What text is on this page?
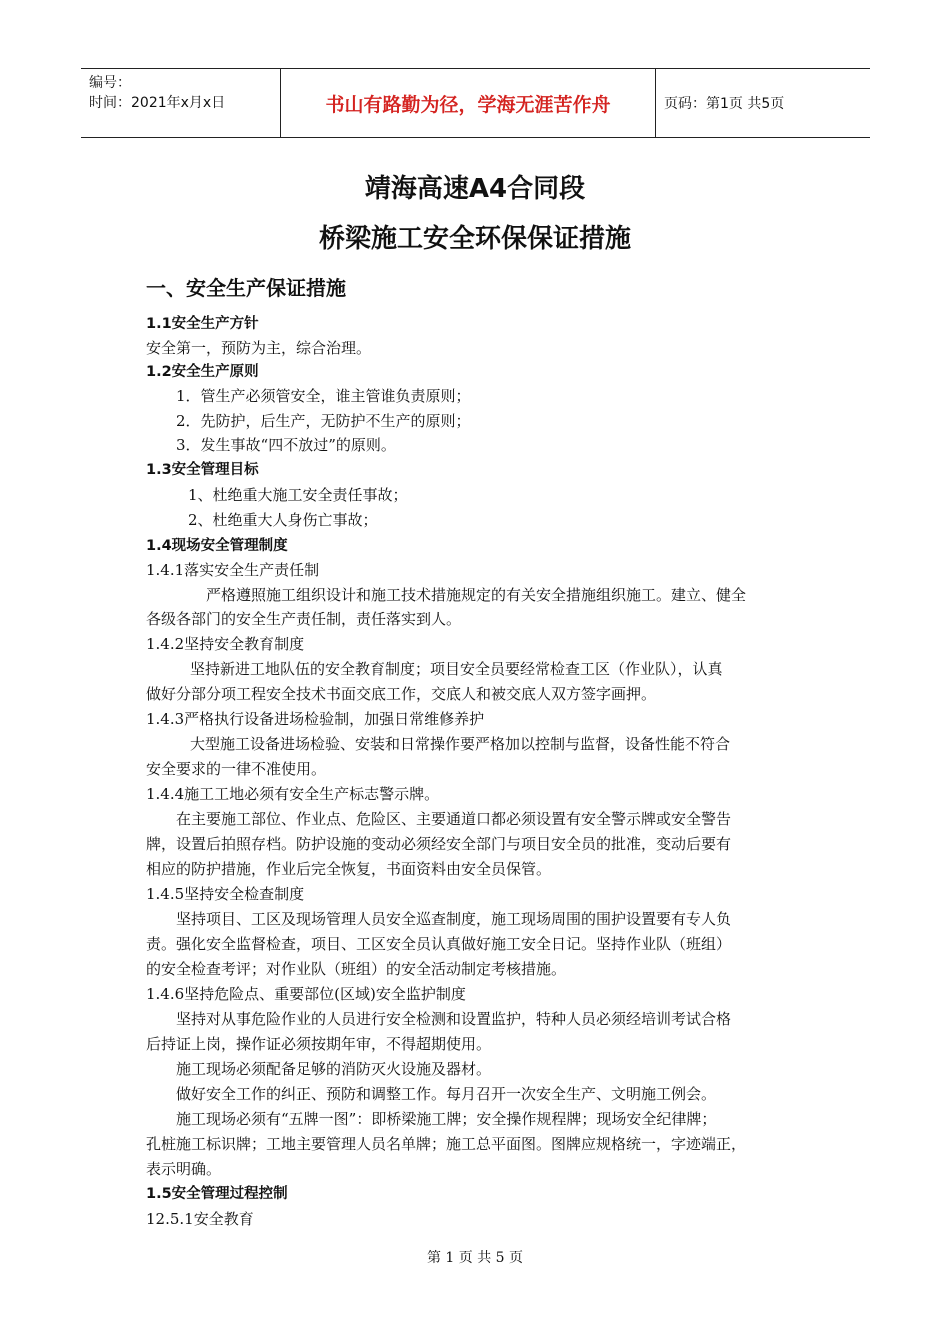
编号：
时间：2021年x月x日	书山有路勤为径，学海无涯苦作舟	页码：第1页 共5页
靖海高速A4合同段
桥梁施工安全环保保证措施
一、安全生产保证措施
1.1安全生产方针
安全第一，预防为主，综合治理。
1.2安全生产原则
1．管生产必须管安全，谁主管谁负责原则；
2．先防护，后生产，无防护不生产的原则；
3．发生事故“四不放过”的原则。
1.3安全管理目标
1、杜绝重大施工安全责任事故；
2、杜绝重大人身伤亡事故；
1.4现场安全管理制度
1.4.1落实安全生产责任制
严格遵照施工组织设计和施工技术措施规定的有关安全措施组织施工。建立、健全
各级各部门的安全生产责任制，责任落实到人。
1.4.2坚持安全教育制度
坚持新进工地队伍的安全教育制度；项目安全员要经常检查工区（作业队），认真
做好分部分项工程安全技术书面交底工作，交底人和被交底人双方签字画押。
1.4.3严格执行设备进场检验制，加强日常维修养护
大型施工设备进场检验、安装和日常操作要严格加以控制与监督，设备性能不符合
安全要求的一律不准使用。
1.4.4施工工地必须有安全生产标志警示牌。
在主要施工部位、作业点、危险区、主要通道口都必须设置有安全警示牌或安全警告
牌，设置后拍照存档。防护设施的变动必须经安全部门与项目安全员的批准，变动后要有
相应的防护措施，作业后完全恢复，书面资料由安全员保管。
1.4.5坚持安全检查制度
坚持项目、工区及现场管理人员安全巡查制度，施工现场周围的围护设置要有专人负
责。强化安全监督检查，项目、工区安全员认真做好施工安全日记。坚持作业队（班组）
的安全检查考评；对作业队（班组）的安全活动制定考核措施。
1.4.6坚持危险点、重要部位(区域)安全监护制度
坚持对从事危险作业的人员进行安全检测和设置监护，特种人员必须经培训考试合格
后持证上岗，操作证必须按期年审，不得超期使用。
施工现场必须配备足够的消防灭火设施及器材。
做好安全工作的纠正、预防和调整工作。每月召开一次安全生产、文明施工例会。
施工现场必须有“五牌一图”：即桥梁施工牌；安全操作规程牌；现场安全纪律牌；
孔桩施工标识牌；工地主要管理人员名单牌；施工总平面图。图牌应规格统一，字迹端正，
表示明确。
1.5安全管理过程控制
12.5.1安全教育
第 1 页 共 5 页
